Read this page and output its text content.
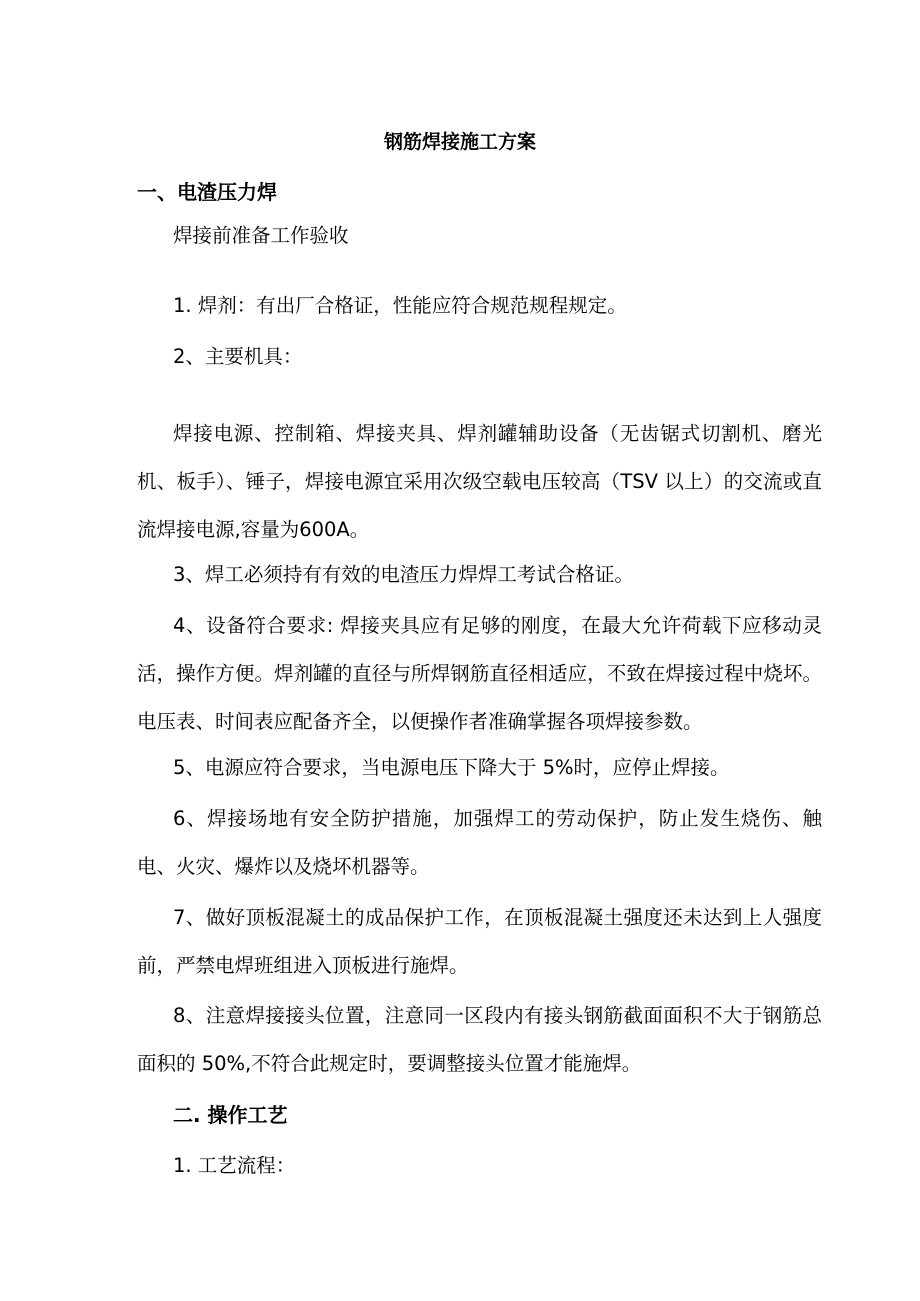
钢筋焊接施工方案
一、电渣压力焊
焊接前准备工作验收
1. 焊剂：有出厂合格证，性能应符合规范规程规定。
2、主要机具：
焊接电源、控制箱、焊接夹具、焊剂罐辅助设备（无齿锯式切割机、磨光机、板手）、锤子，焊接电源宜采用次级空载电压较高（TSV 以上）的交流或直流焊接电源,容量为600A。
3、焊工必须持有有效的电渣压力焊焊工考试合格证。
4、设备符合要求: 焊接夹具应有足够的刚度，在最大允许荷载下应移动灵活，操作方便。焊剂罐的直径与所焊钢筋直径相适应，不致在焊接过程中烧坏。电压表、时间表应配备齐全，以便操作者准确掌握各项焊接参数。
5、电源应符合要求，当电源电压下降大于 5%时，应停止焊接。
6、焊接场地有安全防护措施，加强焊工的劳动保护，防止发生烧伤、触电、火灾、爆炸以及烧坏机器等。
7、做好顶板混凝土的成品保护工作，在顶板混凝土强度还未达到上人强度前，严禁电焊班组进入顶板进行施焊。
8、注意焊接接头位置，注意同一区段内有接头钢筋截面面积不大于钢筋总面积的 50%,不符合此规定时，要调整接头位置才能施焊。
二. 操作工艺
1. 工艺流程：
